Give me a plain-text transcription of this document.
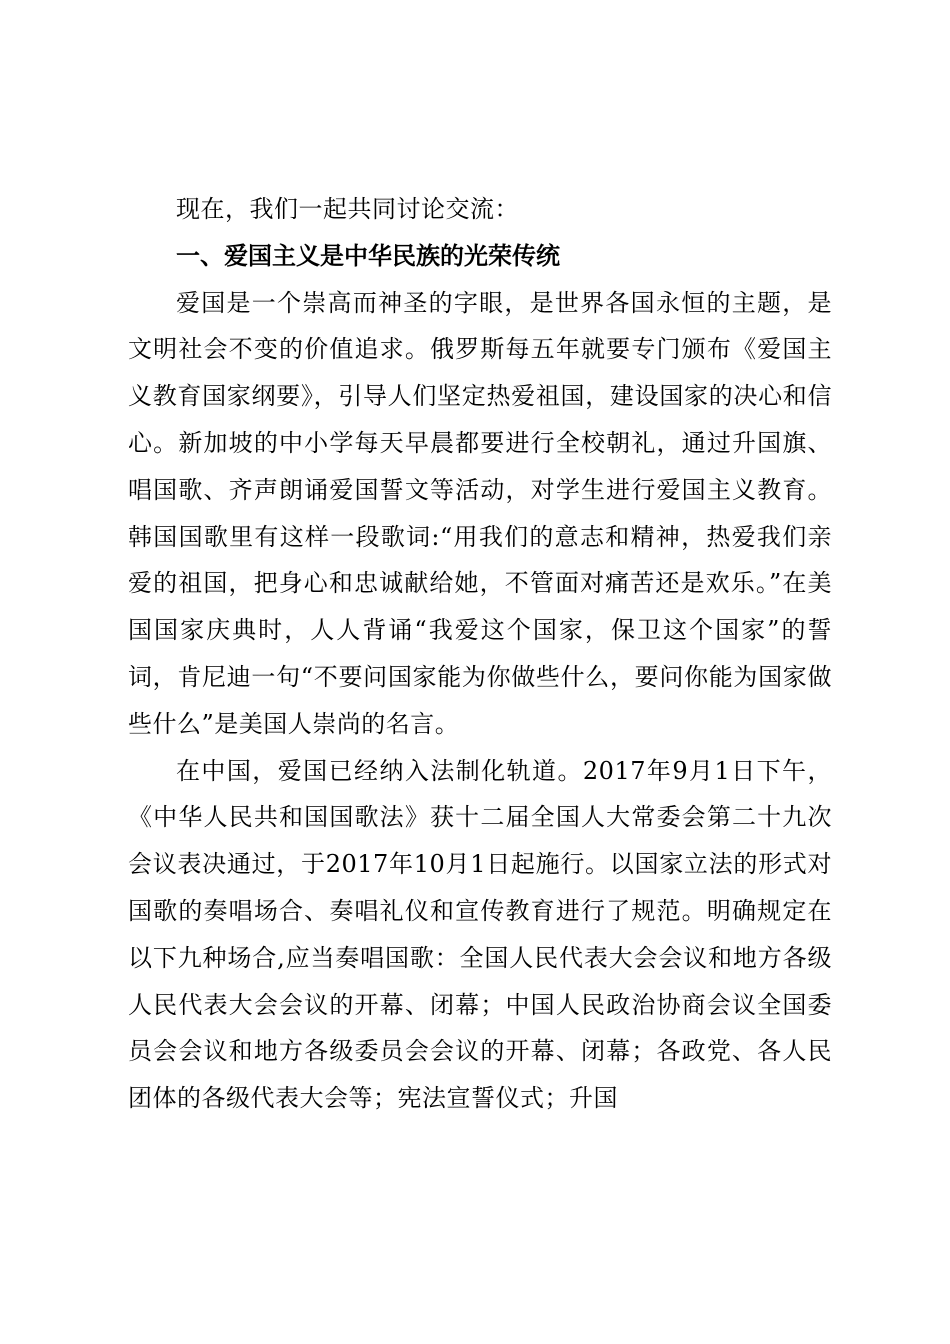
现在，我们一起共同讨论交流：

一、爱国主义是中华民族的光荣传统

爱国是一个崇高而神圣的字眼，是世界各国永恒的主题，是文明社会不变的价值追求。俄罗斯每五年就要专门颁布《爱国主义教育国家纲要》，引导人们坚定热爱祖国，建设国家的决心和信心。新加坡的中小学每天早晨都要进行全校朝礼，通过升国旗、唱国歌、齐声朗诵爱国誓文等活动，对学生进行爱国主义教育。韩国国歌里有这样一段歌词:“用我们的意志和精神，热爱我们亲爱的祖国，把身心和忠诚献给她，不管面对痛苦还是欢乐。”在美国国家庆典时，人人背诵“我爱这个国家，保卫这个国家”的誓词，肯尼迪一句“不要问国家能为你做些什么，要问你能为国家做些什么”是美国人崇尚的名言。

在中国，爱国已经纳入法制化轨道。2017年9月1日下午，《中华人民共和国国歌法》获十二届全国人大常委会第二十九次会议表决通过，于2017年10月1日起施行。以国家立法的形式对国歌的奏唱场合、奏唱礼仪和宣传教育进行了规范。明确规定在以下九种场合,应当奏唱国歌：全国人民代表大会会议和地方各级人民代表大会会议的开幕、闭幕；中国人民政治协商会议全国委员会会议和地方各级委员会会议的开幕、闭幕；各政党、各人民团体的各级代表大会等；宪法宣誓仪式；升国
